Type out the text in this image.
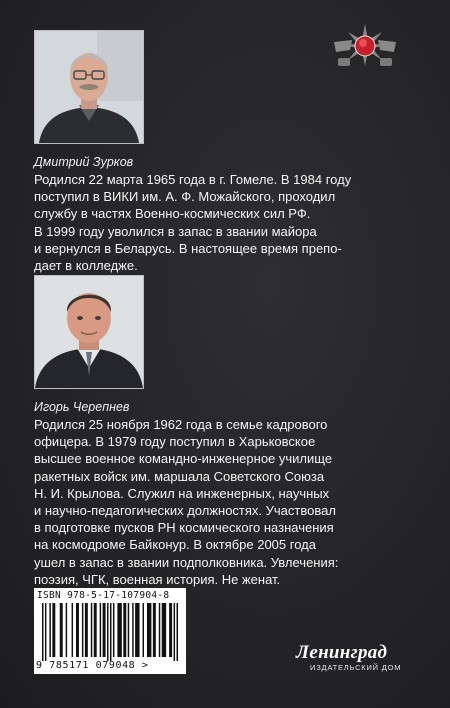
Дмитрий Зурков
Родился 22 марта 1965 года в г. Гомеле. В 1984 году
поступил в ВИКИ им. А. Ф. Можайского, проходил
службу в частях Военно-космических сил РФ.
В 1999 году уволился в запас в звании майора
и вернулся в Беларусь. В настоящее время препо-
дает в колледже.
Игорь Черепнев
Родился 25 ноября 1962 года в семье кадрового
офицера. В 1979 году поступил в Харьковское
высшее военное командно-инженерное училище
ракетных войск им. маршала Советского Союза
Н. И. Крылова. Служил на инженерных, научных
и научно-педагогических должностях. Участвовал
в подготовке пусков РН космического назначения
на космодроме Байконур. В октябре 2005 года
ушел в запас в звании подполковника. Увлечения:
поэзия, ЧГК, военная история. Не женат.
ISBN 978-5-17-107904-8
9 785171 079048 >
Ленинград
ИЗДАТЕЛЬСКИЙ ДОМ
